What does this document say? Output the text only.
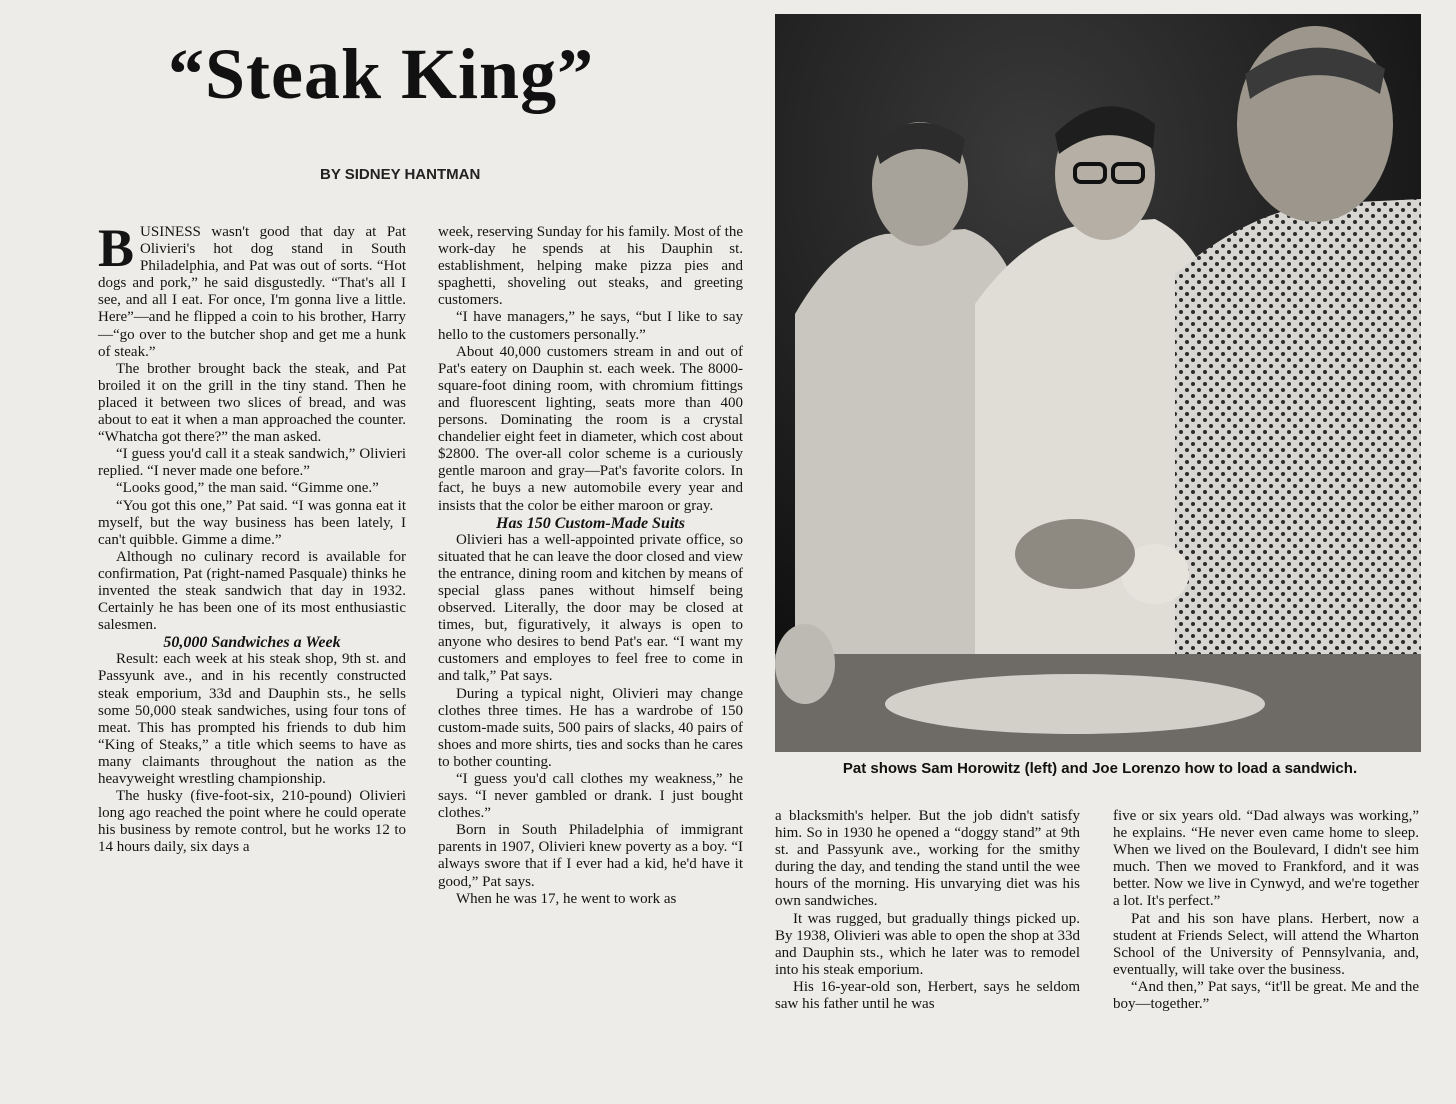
“Steak King”
BY SIDNEY HANTMAN

BUSINESS wasn't good that day at Pat Olivieri's hot dog stand in South Philadelphia, and Pat was out of sorts. “Hot dogs and pork,” he said disgustedly. “That's all I see, and all I eat. For once, I'm gonna live a little. Here”—and he flipped a coin to his brother, Harry—“go over to the butcher shop and get me a hunk of steak.”

The brother brought back the steak, and Pat broiled it on the grill in the tiny stand. Then he placed it between two slices of bread, and was about to eat it when a man approached the counter. “Whatcha got there?” the man asked.

“I guess you'd call it a steak sandwich,” Olivieri replied. “I never made one before.”

“Looks good,” the man said. “Gimme one.”

“You got this one,” Pat said. “I was gonna eat it myself, but the way business has been lately, I can't quibble. Gimme a dime.”

Although no culinary record is available for confirmation, Pat (right-named Pasquale) thinks he invented the steak sandwich that day in 1932. Certainly he has been one of its most enthusiastic salesmen.

50,000 Sandwiches a Week

Result: each week at his steak shop, 9th st. and Passyunk ave., and in his recently constructed steak emporium, 33d and Dauphin sts., he sells some 50,000 steak sandwiches, using four tons of meat. This has prompted his friends to dub him “King of Steaks,” a title which seems to have as many claimants throughout the nation as the heavyweight wrestling championship.

The husky (five-foot-six, 210-pound) Olivieri long ago reached the point where he could operate his business by remote control, but he works 12 to 14 hours daily, six days a

week, reserving Sunday for his family. Most of the work-day he spends at his Dauphin st. establishment, helping make pizza pies and spaghetti, shoveling out steaks, and greeting customers.

“I have managers,” he says, “but I like to say hello to the customers personally.”

About 40,000 customers stream in and out of Pat's eatery on Dauphin st. each week. The 8000-square-foot dining room, with chromium fittings and fluorescent lighting, seats more than 400 persons. Dominating the room is a crystal chandelier eight feet in diameter, which cost about $2800. The over-all color scheme is a curiously gentle maroon and gray—Pat's favorite colors. In fact, he buys a new automobile every year and insists that the color be either maroon or gray.

Has 150 Custom-Made Suits

Olivieri has a well-appointed private office, so situated that he can leave the door closed and view the entrance, dining room and kitchen by means of special glass panes without himself being observed. Literally, the door may be closed at times, but, figuratively, it always is open to anyone who desires to bend Pat's ear. “I want my customers and employes to feel free to come in and talk,” Pat says.

During a typical night, Olivieri may change clothes three times. He has a wardrobe of 150 custom-made suits, 500 pairs of slacks, 40 pairs of shoes and more shirts, ties and socks than he cares to bother counting.

“I guess you'd call clothes my weakness,” he says. “I never gambled or drank. I just bought clothes.”

Born in South Philadelphia of immigrant parents in 1907, Olivieri knew poverty as a boy. “I always swore that if I ever had a kid, he'd have it good,” Pat says.

When he was 17, he went to work as

Pat shows Sam Horowitz (left) and Joe Lorenzo how to load a sandwich.

a blacksmith's helper. But the job didn't satisfy him. So in 1930 he opened a “doggy stand” at 9th st. and Passyunk ave., working for the smithy during the day, and tending the stand until the wee hours of the morning. His unvarying diet was his own sandwiches.

It was rugged, but gradually things picked up. By 1938, Olivieri was able to open the shop at 33d and Dauphin sts., which he later was to remodel into his steak emporium.

His 16-year-old son, Herbert, says he seldom saw his father until he was

five or six years old. “Dad always was working,” he explains. “He never even came home to sleep. When we lived on the Boulevard, I didn't see him much. Then we moved to Frankford, and it was better. Now we live in Cynwyd, and we're together a lot. It's perfect.”

Pat and his son have plans. Herbert, now a student at Friends Select, will attend the Wharton School of the University of Pennsylvania, and, eventually, will take over the business.

“And then,” Pat says, “it'll be great. Me and the boy—together.”
